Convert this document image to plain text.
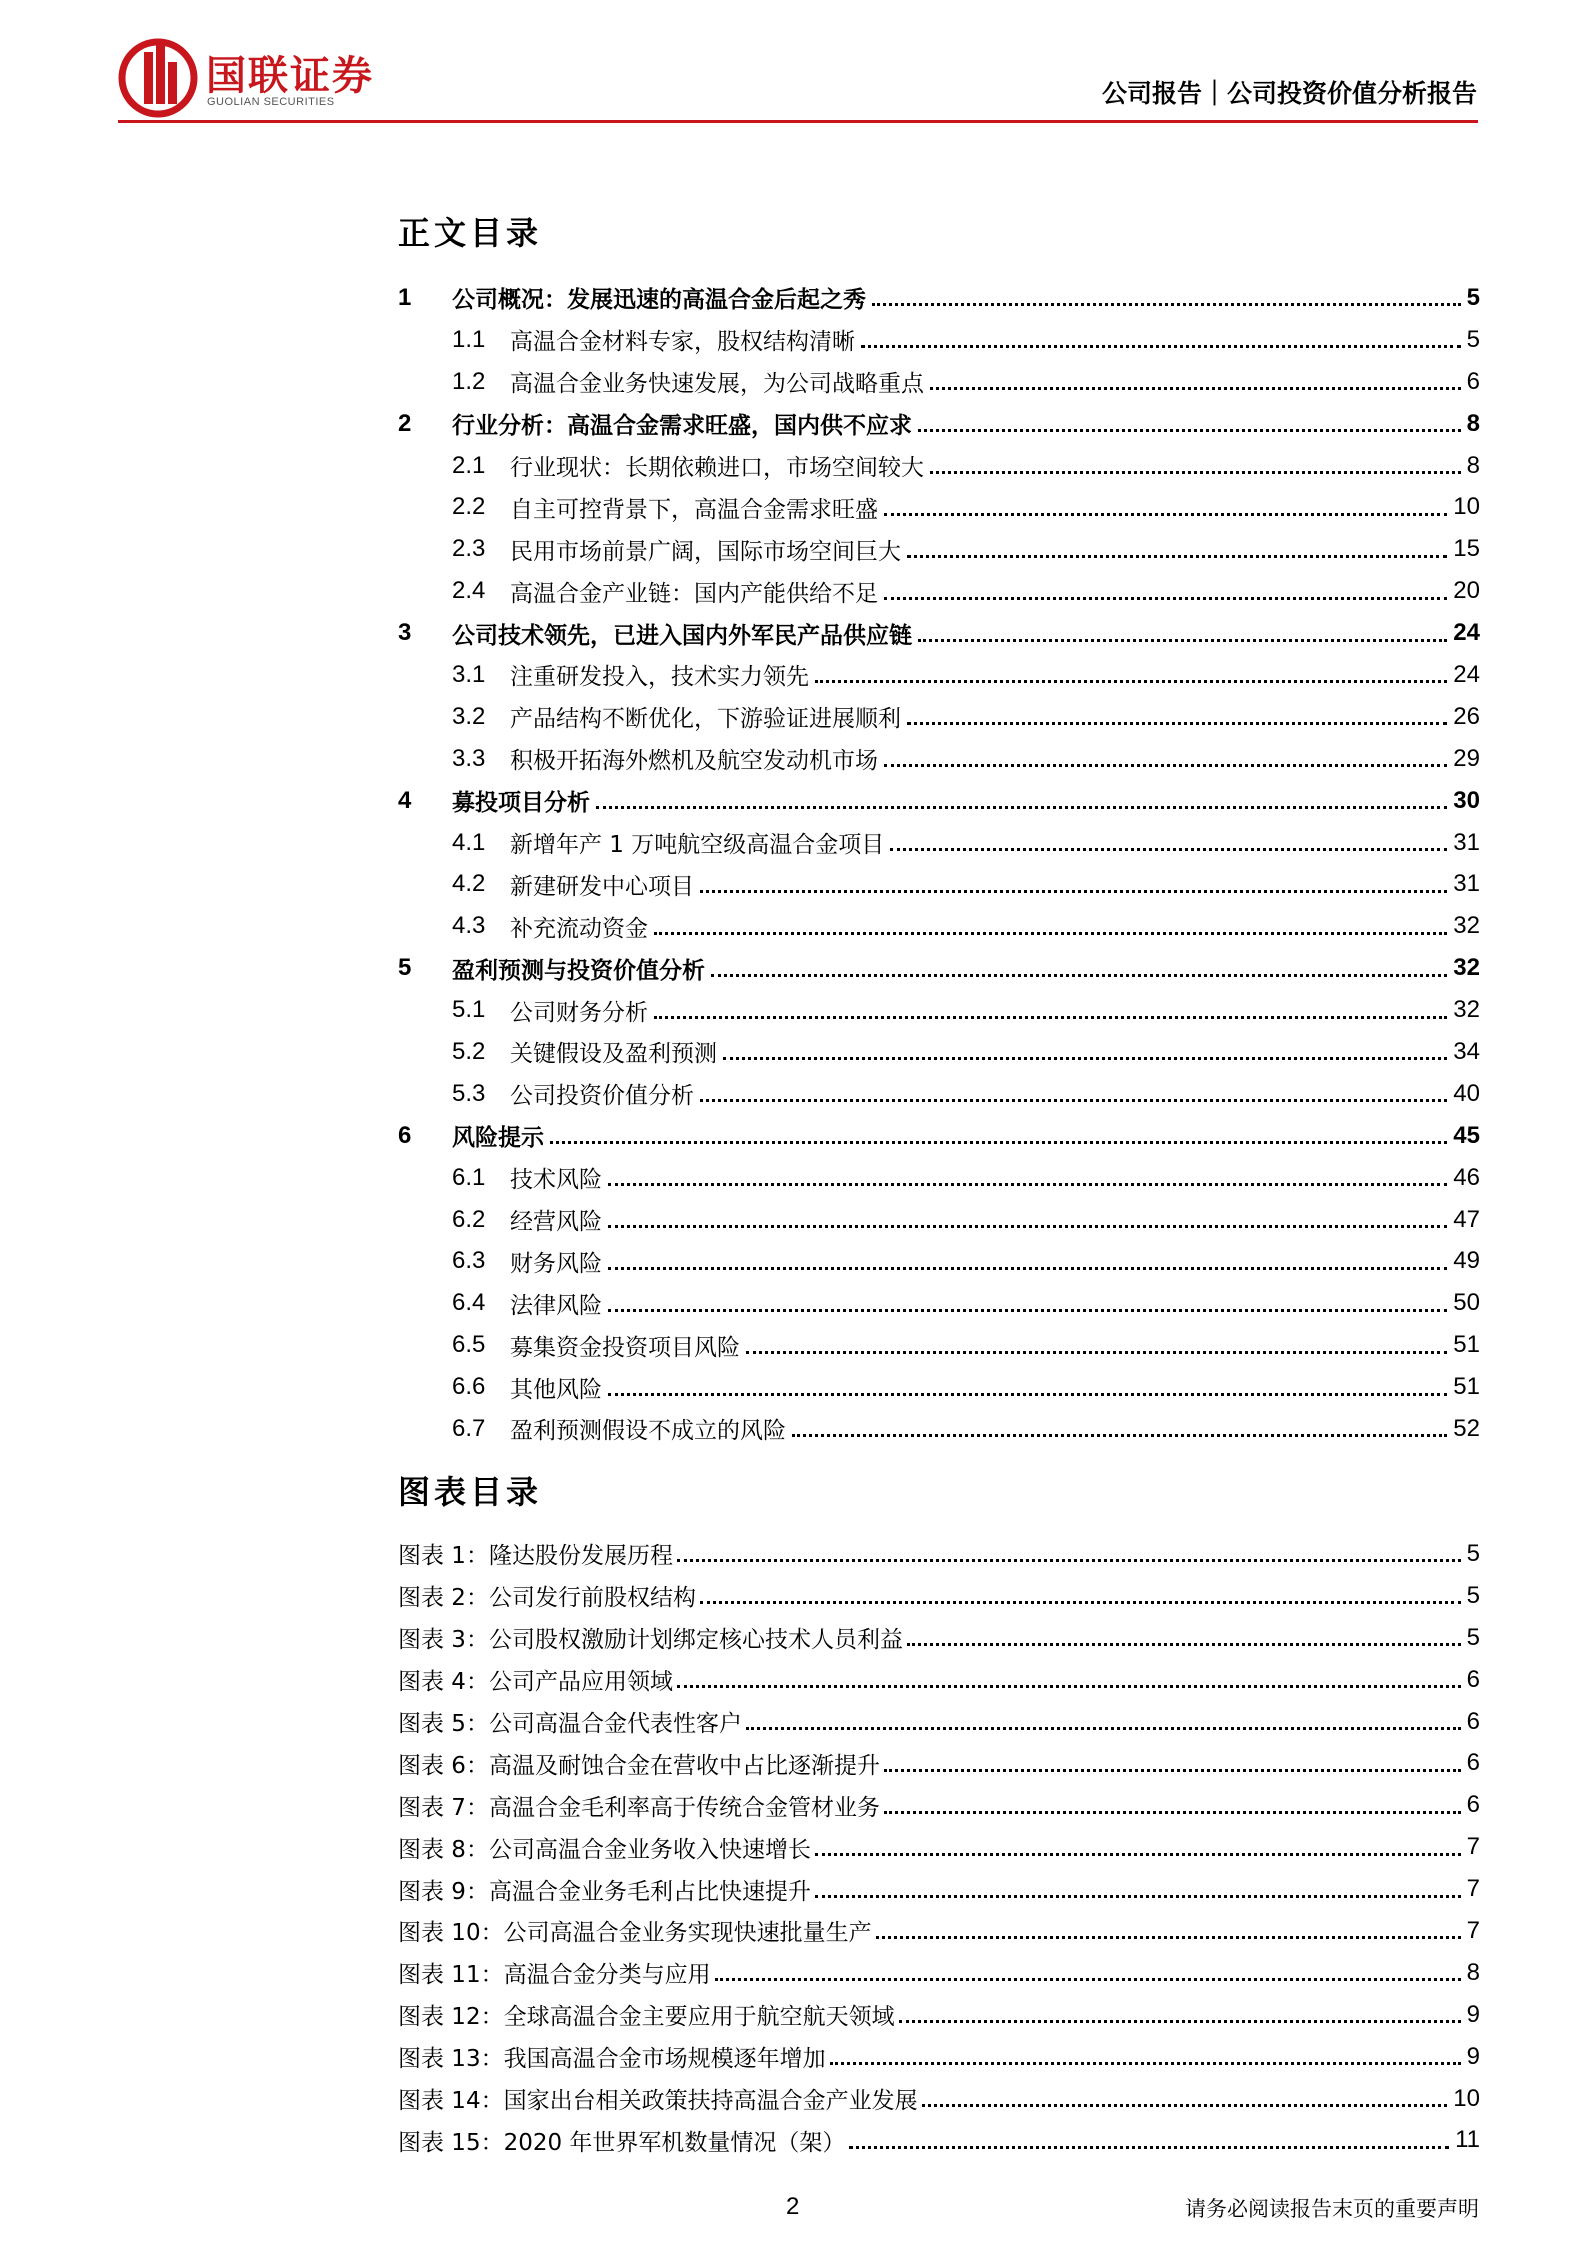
国联证券
GUOLIAN SECURITIES	公司报告｜公司投资价值分析报告
正文目录
1	公司概况：发展迅速的高温合金后起之秀	5
1.1	高温合金材料专家，股权结构清晰	5
1.2	高温合金业务快速发展，为公司战略重点	6
2	行业分析：高温合金需求旺盛，国内供不应求	8
2.1	行业现状：长期依赖进口，市场空间较大	8
2.2	自主可控背景下，高温合金需求旺盛	10
2.3	民用市场前景广阔，国际市场空间巨大	15
2.4	高温合金产业链：国内产能供给不足	20
3	公司技术领先，已进入国内外军民产品供应链	24
3.1	注重研发投入，技术实力领先	24
3.2	产品结构不断优化，下游验证进展顺利	26
3.3	积极开拓海外燃机及航空发动机市场	29
4	募投项目分析	30
4.1	新增年产 1 万吨航空级高温合金项目	31
4.2	新建研发中心项目	31
4.3	补充流动资金	32
5	盈利预测与投资价值分析	32
5.1	公司财务分析	32
5.2	关键假设及盈利预测	34
5.3	公司投资价值分析	40
6	风险提示	45
6.1	技术风险	46
6.2	经营风险	47
6.3	财务风险	49
6.4	法律风险	50
6.5	募集资金投资项目风险	51
6.6	其他风险	51
6.7	盈利预测假设不成立的风险	52
图表目录
图表 1：隆达股份发展历程	5
图表 2：公司发行前股权结构	5
图表 3：公司股权激励计划绑定核心技术人员利益	5
图表 4：公司产品应用领域	6
图表 5：公司高温合金代表性客户	6
图表 6：高温及耐蚀合金在营收中占比逐渐提升	6
图表 7：高温合金毛利率高于传统合金管材业务	6
图表 8：公司高温合金业务收入快速增长	7
图表 9：高温合金业务毛利占比快速提升	7
图表 10：公司高温合金业务实现快速批量生产	7
图表 11：高温合金分类与应用	8
图表 12：全球高温合金主要应用于航空航天领域	9
图表 13：我国高温合金市场规模逐年增加	9
图表 14：国家出台相关政策扶持高温合金产业发展	10
图表 15：2020 年世界军机数量情况（架）	11
2	请务必阅读报告末页的重要声明
